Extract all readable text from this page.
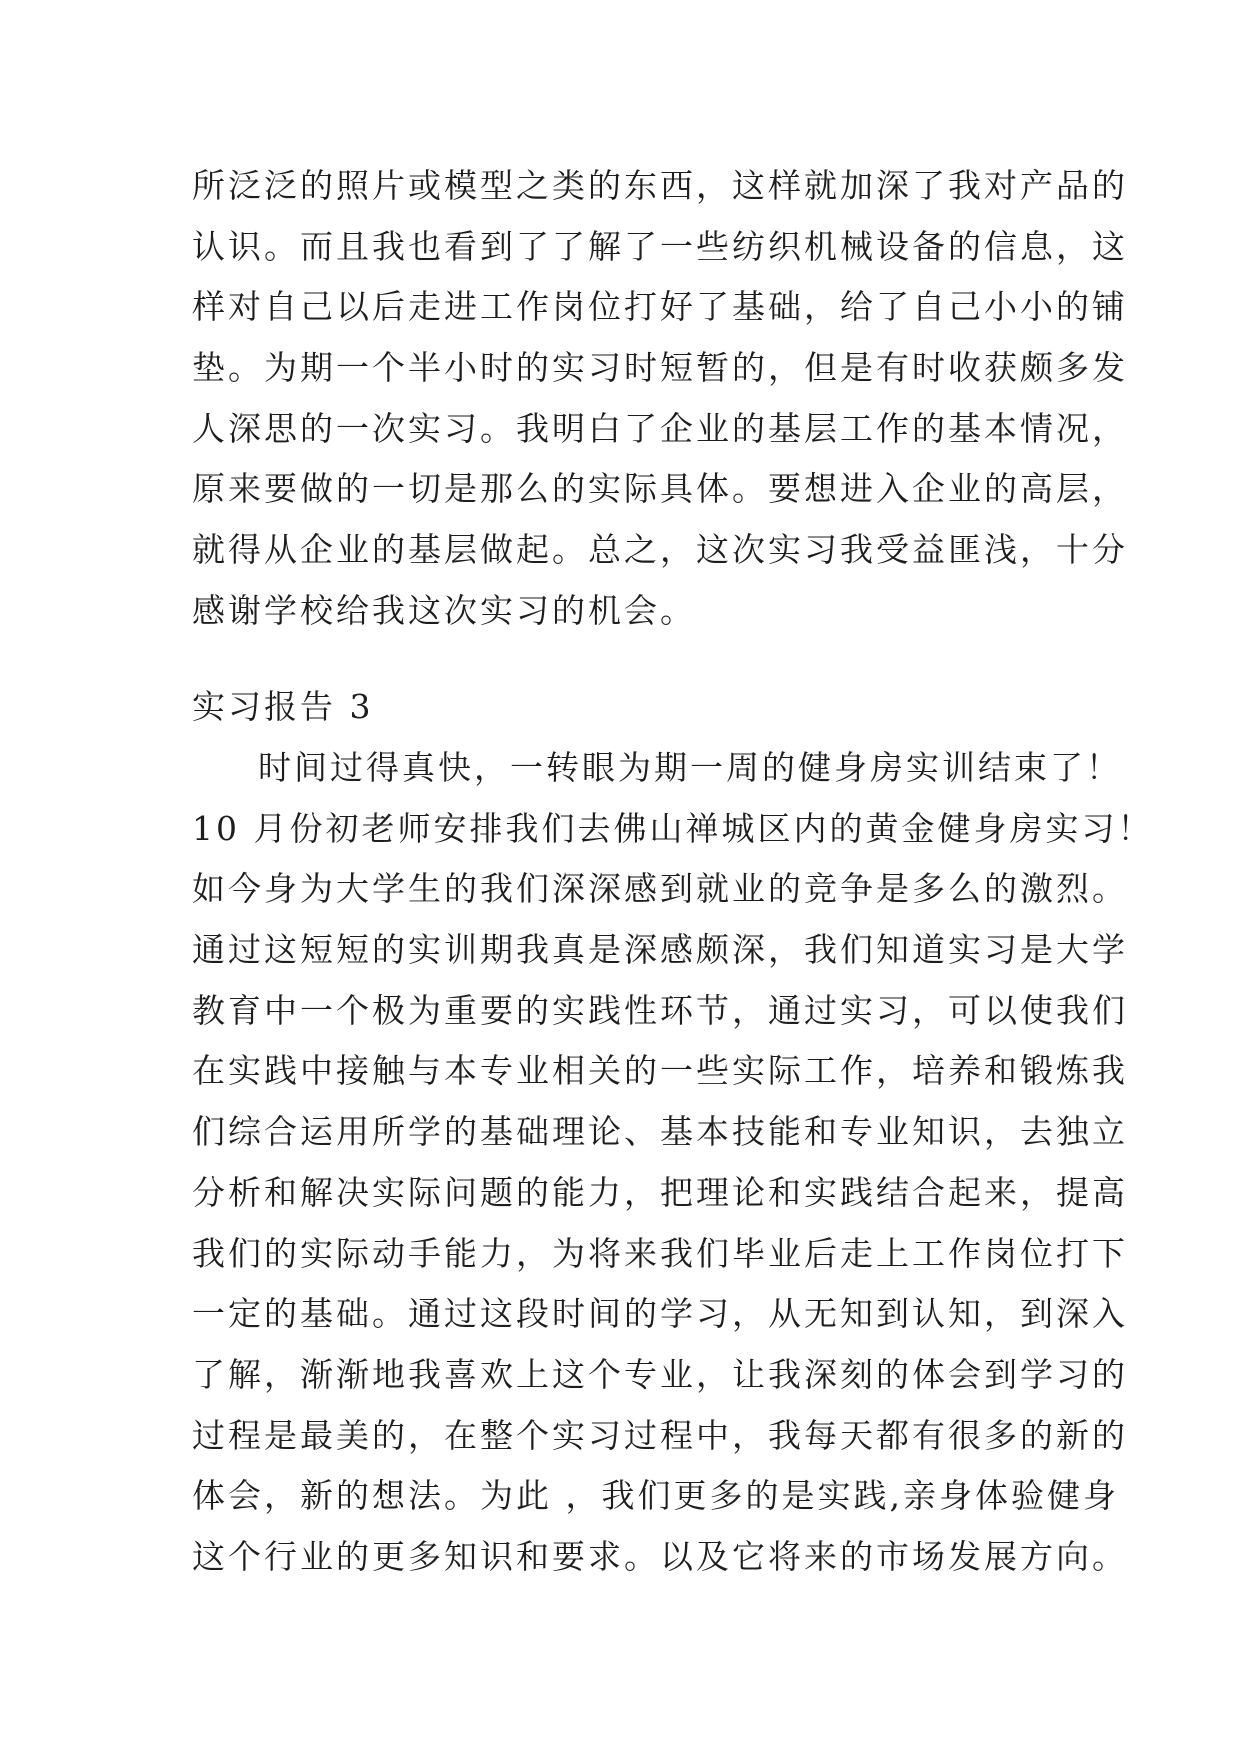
所泛泛的照片或模型之类的东西，这样就加深了我对产品的
认识。而且我也看到了了解了一些纺织机械设备的信息，这
样对自己以后走进工作岗位打好了基础，给了自己小小的铺
垫。为期一个半小时的实习时短暂的，但是有时收获颇多发
人深思的一次实习。我明白了企业的基层工作的基本情况，
原来要做的一切是那么的实际具体。要想进入企业的高层，
就得从企业的基层做起。总之，这次实习我受益匪浅，十分
感谢学校给我这次实习的机会。
实习报告 3
时间过得真快，一转眼为期一周的健身房实训结束了！
10 月份初老师安排我们去佛山禅城区内的黄金健身房实习！
如今身为大学生的我们深深感到就业的竞争是多么的激烈。
通过这短短的实训期我真是深感颇深，我们知道实习是大学
教育中一个极为重要的实践性环节，通过实习，可以使我们
在实践中接触与本专业相关的一些实际工作，培养和锻炼我
们综合运用所学的基础理论、基本技能和专业知识，去独立
分析和解决实际问题的能力，把理论和实践结合起来，提高
我们的实际动手能力，为将来我们毕业后走上工作岗位打下
一定的基础。通过这段时间的学习，从无知到认知，到深入
了解，渐渐地我喜欢上这个专业，让我深刻的体会到学习的
过程是最美的，在整个实习过程中，我每天都有很多的新的
体会，新的想法。为此 ，我们更多的是实践,亲身体验健身
这个行业的更多知识和要求。以及它将来的市场发展方向。
